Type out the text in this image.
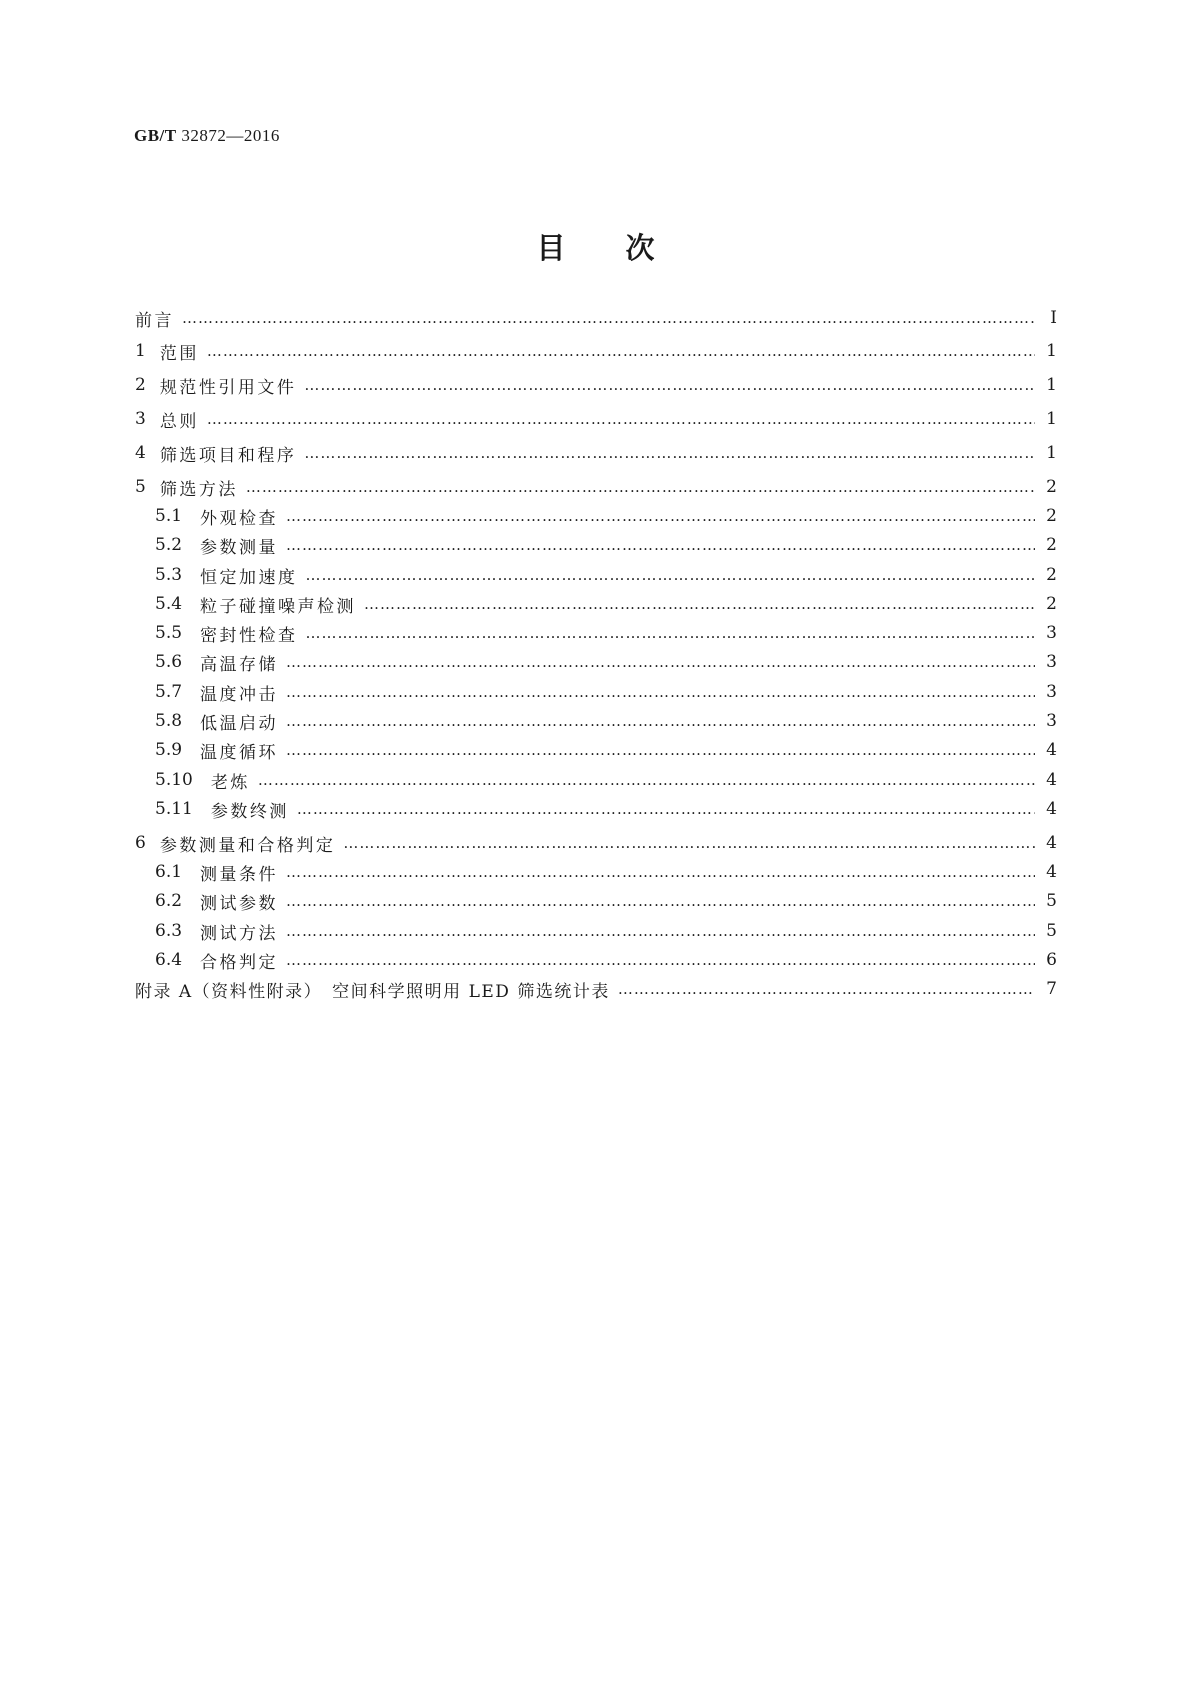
GB/T 32872—2016
目 次
前言 …………………………………………………………………………………………………………………………………………………………………………………………………………………………………………………………………………	Ⅰ
1 范围 …………………………………………………………………………………………………………………………………………………………………………………………………………………………………………………………………………	1
2 规范性引用文件 …………………………………………………………………………………………………………………………………………………………………………………………………………………………………………………………………………	1
3 总则 …………………………………………………………………………………………………………………………………………………………………………………………………………………………………………………………………………	1
4 筛选项目和程序 …………………………………………………………………………………………………………………………………………………………………………………………………………………………………………………………………………	1
5 筛选方法 …………………………………………………………………………………………………………………………………………………………………………………………………………………………………………………………………………	2
5.1 外观检查 …………………………………………………………………………………………………………………………………………………………………………………………………………………………………………………………………………	2
5.2 参数测量 …………………………………………………………………………………………………………………………………………………………………………………………………………………………………………………………………………	2
5.3 恒定加速度 …………………………………………………………………………………………………………………………………………………………………………………………………………………………………………………………………………	2
5.4 粒子碰撞噪声检测 …………………………………………………………………………………………………………………………………………………………………………………………………………………………………………………………………………	2
5.5 密封性检查 …………………………………………………………………………………………………………………………………………………………………………………………………………………………………………………………………………	3
5.6 高温存储 …………………………………………………………………………………………………………………………………………………………………………………………………………………………………………………………………………	3
5.7 温度冲击 …………………………………………………………………………………………………………………………………………………………………………………………………………………………………………………………………………	3
5.8 低温启动 …………………………………………………………………………………………………………………………………………………………………………………………………………………………………………………………………………	3
5.9 温度循环 …………………………………………………………………………………………………………………………………………………………………………………………………………………………………………………………………………	4
5.10 老炼 …………………………………………………………………………………………………………………………………………………………………………………………………………………………………………………………………………	4
5.11 参数终测 …………………………………………………………………………………………………………………………………………………………………………………………………………………………………………………………………………	4
6 参数测量和合格判定 …………………………………………………………………………………………………………………………………………………………………………………………………………………………………………………………………………	4
6.1 测量条件 …………………………………………………………………………………………………………………………………………………………………………………………………………………………………………………………………………	4
6.2 测试参数 …………………………………………………………………………………………………………………………………………………………………………………………………………………………………………………………………………	5
6.3 测试方法 …………………………………………………………………………………………………………………………………………………………………………………………………………………………………………………………………………	5
6.4 合格判定 …………………………………………………………………………………………………………………………………………………………………………………………………………………………………………………………………………	6
附录 A（资料性附录）　空间科学照明用 LED 筛选统计表 …………………………………………………………………………………………………………………………………………………………………………………………………………………………………………………………………………	7
